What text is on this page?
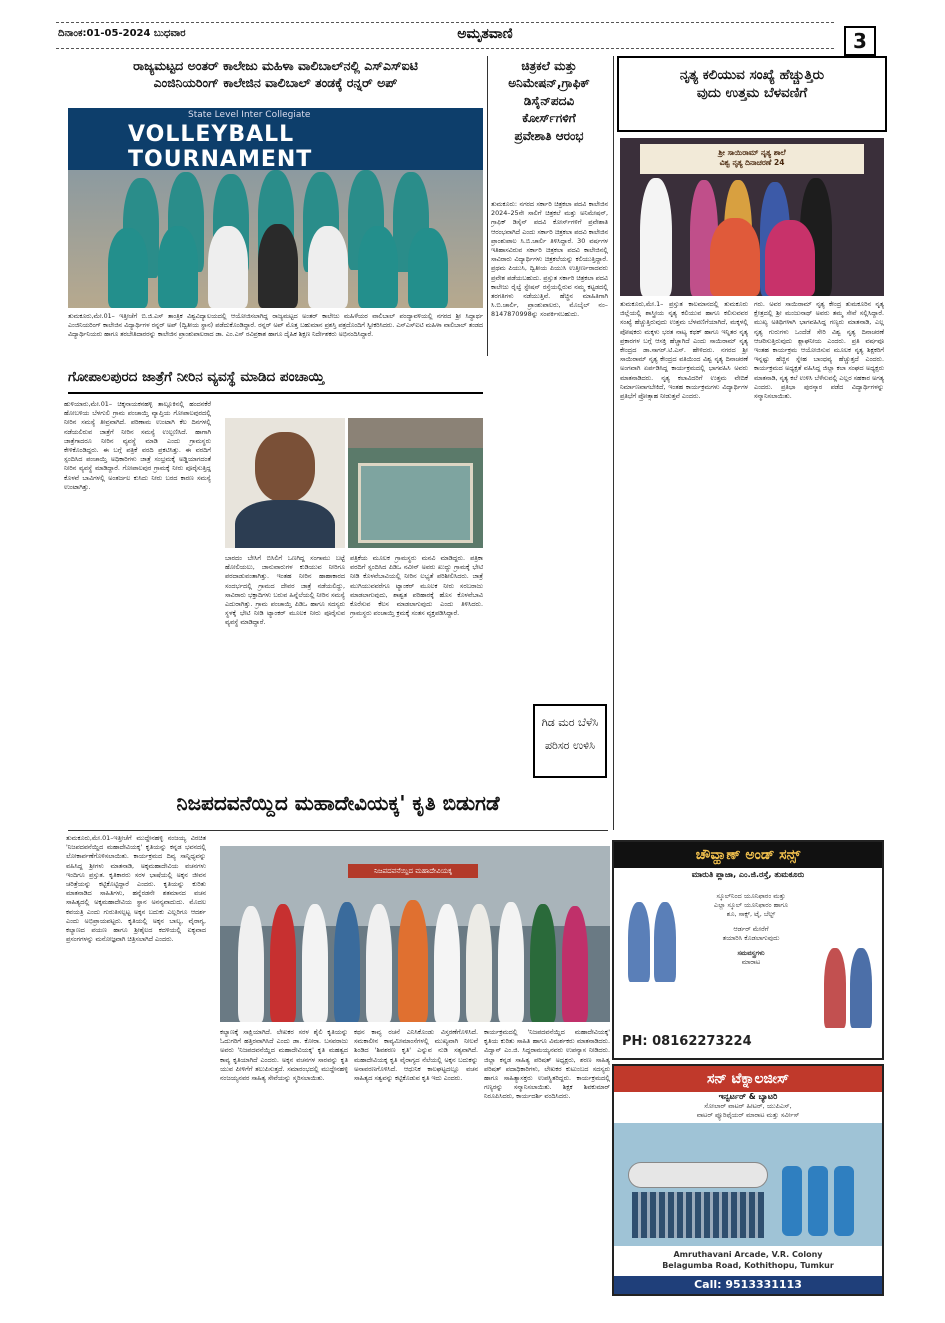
ದಿನಾಂಕ:01-05-2024 ಬುಧವಾರ	ಅಮೃತವಾಣಿ	3
ರಾಜ್ಯಮಟ್ಟದ ಅಂತರ್ ಕಾಲೇಜು ಮಹಿಳಾ ವಾಲಿಬಾಲ್‌ನಲ್ಲಿ ಎಸ್‌ಎಸ್‌ಐಟಿ
ಎಂಜಿನಿಯರಿಂಗ್ ಕಾಲೇಜಿನ ವಾಲಿಬಾಲ್ ತಂಡಕ್ಕೆ ರನ್ನರ್ ಅಪ್
State Level Inter Collegiate
VOLLEYBALL TOURNAMENT
ತುಮಕೂರು,ಮೇ.01– ಇತ್ತೀಚೆಗೆ ಬಿ.ಜಿ.ಎಸ್ ತಾಂತ್ರಿಕ ವಿಶ್ವವಿದ್ಯಾಲಯದಲ್ಲಿ ಆಯೋಜಿಸಲಾಗಿದ್ದ ರಾಜ್ಯಮಟ್ಟದ ಅಂತರ್ ಕಾಲೇಜು ಮಹಿಳೆಯರ ವಾಲಿಬಾಲ್ ಪಂದ್ಯಾವಳಿಯಲ್ಲಿ ನಗರದ ಶ್ರೀ ಸಿದ್ಧಾರ್ಥ ಎಂಜಿನಿಯರಿಂಗ್ ಕಾಲೇಜಿನ ವಿದ್ಯಾರ್ಥಿಗಳ ರನ್ನರ್ ಅಪ್ (ದ್ವಿತೀಯ ಸ್ಥಾನ) ಪಡೆದುಕೊಂಡಿದ್ದಾರೆ. ರನ್ನರ್ ಅಪ್ ಮೊತ್ತ ಬಹುಮಾನ ಪ್ರಶಸ್ತಿ ಪತ್ರದೊಂದಿಗೆ ಸ್ವೀಕರಿಸಿದರು. ಎಸ್‌ಎಸ್‌ಐಟಿ ಮಹಿಳಾ ವಾಲಿಬಾಲ್ ತಂಡದ ವಿದ್ಯಾರ್ಥಿನಿಯರು ಹಾಗೂ ತರಬೇತಿದಾರರನ್ನು ಕಾಲೇಜಿನ ಪ್ರಾಂಶುಪಾಲರಾದ ಡಾ. ಎಂ.ಎಸ್ ರವಿಪ್ರಕಾಶ ಹಾಗೂ ದೈಹಿಕ ಶಿಕ್ಷಣ ನಿರ್ದೇಶಕರು ಅಭಿನಂದಿಸಿದ್ದಾರೆ.
ಚಿತ್ರಕಲೆ ಮತ್ತು
ಅನಿಮೇಷನ್,ಗ್ರಾಫಿಕ್
ಡಿಸೈನ್‌ಪದವಿ
ಕೋರ್ಸ್‌ಗಳಿಗೆ
ಪ್ರವೇಶಾತಿ ಆರಂಭ
ತುಮಕೂರು: ನಗರದ ಸರ್ಕಾರಿ ಚಿತ್ರಕಲಾ ಪದವಿ ಕಾಲೇಜಿನ 2024–25ನೇ ಸಾಲಿಗೆ ಚಿತ್ರಕಲೆ ಮತ್ತು ಅನಿಮೇಷನ್, ಗ್ರಾಫಿಕ್ ಡಿಸೈನ್ ಪದವಿ ಕೋರ್ಸ್‌ಗಳಿಗೆ ಪ್ರವೇಶಾತಿ ಆರಂಭವಾಗಿದೆ ಎಂದು ಸರ್ಕಾರಿ ಚಿತ್ರಕಲಾ ಪದವಿ ಕಾಲೇಜಿನ ಪ್ರಾಂಶುಪಾಲ ಸಿ.ಬಿ.ಚಾರ್ಲಿ ತಿಳಿಸಿದ್ದಾರೆ. 30 ವರ್ಷಗಳ ಇತಿಹಾಸವಿರುವ ಸರ್ಕಾರಿ ಚಿತ್ರಕಲಾ ಪದವಿ ಕಾಲೇಜಿನಲ್ಲಿ ಸಾವಿರಾರು ವಿದ್ಯಾರ್ಥಿಗಳು ಚಿತ್ರಕಲೆಯನ್ನು ಕಲಿಯುತ್ತಿದ್ದಾರೆ. ಪ್ರಥಮ ಪಿಯುಸಿ, ದ್ವಿತೀಯ ಪಿಯುಸಿ ಉತ್ತೀರ್ಣರಾದವರು ಪ್ರವೇಶ ಪಡೆಯಬಹುದು. ಪ್ರಸ್ತುತ ಸರ್ಕಾರಿ ಚಿತ್ರಕಲಾ ಪದವಿ ಕಾಲೇಜು ರೈಲ್ವೆ ಸ್ಟೇಷನ್ ರಸ್ತೆಯಲ್ಲಿರುವ ನಮ್ಮ ಕಟ್ಟಡದಲ್ಲಿ ತರಗತಿಗಳು ನಡೆಯುತ್ತಿವೆ. ಹೆಚ್ಚಿನ ಮಾಹಿತಿಗಾಗಿ ಸಿ.ಬಿ.ಚಾರ್ಲಿ, ಪ್ರಾಂಶುಪಾಲರು, ಮೊಬೈಲ್ ನಂ–8147870998ನ್ನು ಸಂಪರ್ಕಿಸಬಹುದು.
ನೃತ್ಯ ಕಲಿಯುವ ಸಂಖ್ಯೆ ಹೆಚ್ಚುತ್ತಿರು
ವುದು ಉತ್ತಮ ಬೆಳವಣಿಗೆ
ಶ್ರೀ ಸಾಯಿರಾಮ್ ನೃತ್ಯ ಶಾಲೆ
ವಿಶ್ವ ನೃತ್ಯ ದಿನಾಚರಣೆ 24
ತುಮಕೂರು,ಮೇ.1– ಪ್ರಸ್ತುತ ಕಾಲಮಾನದಲ್ಲಿ ತುಮಕೂರು ಜಿಲ್ಲೆಯಲ್ಲಿ ಶಾಸ್ತ್ರೀಯ ನೃತ್ಯ ಕಲಿಯುವ ಹಾಗೂ ಕಲಿಸುವವರ ಸಂಖ್ಯೆ ಹೆಚ್ಚುತ್ತಿರುವುದು ಉತ್ತಮ ಬೆಳವಣಿಗೆಯಾಗಿದೆ, ಮಕ್ಕಳಲ್ಲಿ ಪೋಷಕರು ಮಕ್ಕಳು ಭರತ ನಾಟ್ಯ ಕಥಕ್ ಹಾಗೂ ಇನ್ನಿತರ ನೃತ್ಯ ಪ್ರಕಾರಗಳ ಬಗ್ಗೆ ಆಸಕ್ತಿ ಹೆಚ್ಚಾಗಿದೆ ಎಂದು ಸಾಯಿರಾಮ್ ನೃತ್ಯ ಕೇಂದ್ರದ ಡಾ.ಸಾಗರ್.ಟಿ.ಎಸ್. ಹೇಳಿದರು. ನಗರದ ಶ್ರೀ ಸಾಯಿರಾಮ್ ನೃತ್ಯ ಕೇಂದ್ರದ ವತಿಯಿಂದ ವಿಶ್ವ ನೃತ್ಯ ದಿನಾಚರಣೆ ಅಂಗವಾಗಿ ಏರ್ಪಡಿಸಿದ್ದ ಕಾರ್ಯಕ್ರಮದಲ್ಲಿ ಭಾಗವಹಿಸಿ ಅವರು ಮಾತನಾಡಿದರು. ನೃತ್ಯ ಕಲಾವಿದರಿಗೆ ಉತ್ತಮ ವೇದಿಕೆ ನಿರ್ಮಾಣವಾಗಬೇಕಿದೆ, ಇಂತಹ ಕಾರ್ಯಕ್ರಮಗಳು ವಿದ್ಯಾರ್ಥಿಗಳ ಪ್ರತಿಭೆಗೆ ಪ್ರೋತ್ಸಾಹ ನೀಡುತ್ತವೆ ಎಂದರು.
ಗರು. ಅವರ ಸಾಯಿರಾಮ್ ನೃತ್ಯ ಕೇಂದ್ರ ತುಮಕೂರಿನ ನೃತ್ಯ ಕ್ಷೇತ್ರದಲ್ಲಿ ಶ್ರೀ ಮಂಜುನಾಥ್ ಅವರು ತಮ್ಮ ಸೇವೆ ಸಲ್ಲಿಸಿದ್ದಾರೆ. ಮುಖ್ಯ ಅತಿಥಿಗಳಾಗಿ ಭಾಗವಹಿಸಿದ್ದ ಗಣ್ಯರು ಮಾತನಾಡಿ, ಎಲ್ಲ ನೃತ್ಯ ಗುರುಗಳು ಒಂದೆಡೆ ಸೇರಿ ವಿಶ್ವ ನೃತ್ಯ ದಿನಾಚರಣೆ ಆಚರಿಸುತ್ತಿರುವುದು ಶ್ಲಾಘನೀಯ ಎಂದರು. ಪ್ರತಿ ವರ್ಷವೂ ಇಂತಹ ಕಾರ್ಯಕ್ರಮ ಆಯೋಜಿಸುವ ಮೂಲಕ ನೃತ್ಯ ಶಿಕ್ಷಕರಿಗೆ ಇನ್ನಷ್ಟು ಹೆಚ್ಚಿನ ಸ್ನೇಹ ಬಾಂಧವ್ಯ ಹೆಚ್ಚುತ್ತದೆ ಎಂದರು. ಕಾರ್ಯಕ್ರಮದ ಅಧ್ಯಕ್ಷತೆ ವಹಿಸಿದ್ದ ಜಿಲ್ಲಾ ಕಲಾ ಸಂಘದ ಅಧ್ಯಕ್ಷರು ಮಾತನಾಡಿ, ನೃತ್ಯ ಕಲೆ ಉಳಿಸಿ ಬೆಳೆಸುವಲ್ಲಿ ಎಲ್ಲರ ಸಹಕಾರ ಅಗತ್ಯ ಎಂದರು. ಪ್ರತಿಭಾ ಪುರಸ್ಕಾರ ಪಡೆದ ವಿದ್ಯಾರ್ಥಿಗಳನ್ನು ಸನ್ಮಾನಿಸಲಾಯಿತು.
ಗೋಪಾಲಪುರದ ಜಾತ್ರೆಗೆ ನೀರಿನ ವ್ಯವಸ್ಥೆ ಮಾಡಿದ ಪಂಚಾಯ್ತಿ
ಹುಳಿಯಾರು,ಮೇ.01– ಚಿಕ್ಕನಾಯಕನಹಳ್ಳಿ ತಾಲ್ಲೂಕಿನಲ್ಲಿ ಹಂದನಕೆರೆ ಹೋಬಳಿಯ ಬೆಳಗುಲಿ ಗ್ರಾಮ ಪಂಚಾಯ್ತಿ ವ್ಯಾಪ್ತಿಯ ಗೋಪಾಲಪುರದಲ್ಲಿ ನೀರಿನ ಸಮಸ್ಯೆ ತೀವ್ರವಾಗಿದೆ. ಪರಿಣಾಮ ಉಂಟಾಗಿ ಕೆಲ ದಿನಗಳಲ್ಲಿ ನಡೆಯಲಿರುವ ಜಾತ್ರೆಗೆ ನೀರಿನ ಸಮಸ್ಯೆ ಉಲ್ಬಣಿಸಿದೆ. ಹಾಗಾಗಿ ಜಾತ್ರೆಗಾದರೂ ನೀರಿನ ವ್ಯವಸ್ಥೆ ಮಾಡಿ ಎಂದು ಗ್ರಾಮಸ್ಥರು ಕೇಳಿಕೊಂಡಿದ್ದರು. ಈ ಬಗ್ಗೆ ಪತ್ರಿಕೆ ವರದಿ ಪ್ರಕಟಿಸಿತ್ತು. ಈ ವರದಿಗೆ ಸ್ಪಂದಿಸಿದ ಪಂಚಾಯ್ತಿ ಅಧಿಕಾರಿಗಳು ಜಾತ್ರೆ ಸಂಭ್ರಮಕ್ಕೆ ಅಡ್ಡಿಯಾಗದಂತೆ ನೀರಿನ ವ್ಯವಸ್ಥೆ ಮಾಡಿದ್ದಾರೆ. ಗೋಪಾಲಪುರ ಗ್ರಾಮಕ್ಕೆ ನೀರು ಪೂರೈಸುತ್ತಿದ್ದ ಕೊಳವೆ ಬಾವಿಗಳಲ್ಲಿ ಅಂತರ್ಜಲ ಕುಸಿದು ನೀರು ಬರದ ಕಾರಣ ಸಮಸ್ಯೆ ಉಂಟಾಗಿತ್ತು.
ಬಾರದಂ ಬೇಸಿಗೆ ಬಿಸಿಲಿಗೆ ಒಣಗಿದ್ದ ಸಂಗಾಮು ಬಟ್ಟೆ ಹೋಲಿಯಲು, ಜಾನುವಾರುಗಳ ಕುಡಿಯುವ ನೀರಿಗೂ ಪರದಾಡುವಂತಾಗಿತ್ತು. ಇಂತಹ ನೀರಿನ ಹಾಹಾಕಾರದ ಸಂದರ್ಭದಲ್ಲಿ ಗ್ರಾಮದ ದೇವರ ಜಾತ್ರೆ ನಡೆಯಲಿದ್ದು, ಸಾವಿರಾರು ಭಕ್ತಾದಿಗಳು ಬರುವ ಹಿನ್ನೆಲೆಯಲ್ಲಿ ನೀರಿನ ಸಮಸ್ಯೆ ಎದುರಾಗಿತ್ತು. ಗ್ರಾಮ ಪಂಚಾಯ್ತಿ ಪಿಡಿಒ ಹಾಗೂ ಸದಸ್ಯರು ಸ್ಥಳಕ್ಕೆ ಭೇಟಿ ನೀಡಿ ಟ್ಯಾಂಕರ್ ಮೂಲಕ ನೀರು ಪೂರೈಸುವ ವ್ಯವಸ್ಥೆ ಮಾಡಿದ್ದಾರೆ.
ಪತ್ರಿಕೆಯ ಮೂಲಕ ಗ್ರಾಮಸ್ಥರು ಮನವಿ ಮಾಡಿದ್ದರು. ಪತ್ರಿಕಾ ವರದಿಗೆ ಸ್ಪಂದಿಸಿದ ಪಿಡಿಒ ನವೀನ್ ಅವರು ಖುದ್ದು ಗ್ರಾಮಕ್ಕೆ ಭೇಟಿ ನೀಡಿ ಕೊಳವೆಬಾವಿಯಲ್ಲಿ ನೀರಿನ ಲಭ್ಯತೆ ಪರಿಶೀಲಿಸಿದರು. ಜಾತ್ರೆ ಮುಗಿಯುವವರೆಗೂ ಟ್ಯಾಂಕರ್ ಮೂಲಕ ನೀರು ಸರಬರಾಜು ಮಾಡಲಾಗುವುದು, ಶಾಶ್ವತ ಪರಿಹಾರಕ್ಕೆ ಹೊಸ ಕೊಳವೆಬಾವಿ ಕೊರೆಸುವ ಕೆಲಸ ಮಾಡಲಾಗುವುದು ಎಂದು ತಿಳಿಸಿದರು. ಗ್ರಾಮಸ್ಥರು ಪಂಚಾಯ್ತಿ ಕ್ರಮಕ್ಕೆ ಸಂತಸ ವ್ಯಕ್ತಪಡಿಸಿದ್ದಾರೆ.
ಗಿಡ ಮರ ಬೆಳೆಸಿ
ಪರಿಸರ ಉಳಿಸಿ
ನಿಜಪದವನೆಯ್ದಿದ ಮಹಾದೇವಿಯಕ್ಕ' ಕೃತಿ ಬಿಡುಗಡೆ
ತುಮಕೂರು,ಮೇ.01–ಇತ್ತೀಚೆಗೆ ಮುದ್ದೇನಹಳ್ಳಿ ನಂಜಯ್ಯ ವಿರಚಿತ 'ನಿಜಪದವನೆಯ್ದಿದ ಮಹಾದೇವಿಯಕ್ಕ' ಕೃತಿಯನ್ನು ಕನ್ನಡ ಭವನದಲ್ಲಿ ಲೋಕಾರ್ಪಣೆಗೊಳಿಸಲಾಯಿತು. ಕಾರ್ಯಕ್ರಮದ ದಿವ್ಯ ಸಾನ್ನಿಧ್ಯವನ್ನು ವಹಿಸಿದ್ದ ಶ್ರೀಗಳು ಮಾತನಾಡಿ, ಅಕ್ಕಮಹಾದೇವಿಯ ವಚನಗಳು ಇಂದಿಗೂ ಪ್ರಸ್ತುತ. ಕೃತಿಕಾರರು ಸರಳ ಭಾಷೆಯಲ್ಲಿ ಅಕ್ಕನ ಜೀವನ ಚರಿತ್ರೆಯನ್ನು ಕಟ್ಟಿಕೊಟ್ಟಿದ್ದಾರೆ ಎಂದರು. ಕೃತಿಯನ್ನು ಕುರಿತು ಮಾತನಾಡಿದ ಸಾಹಿತಿಗಳು, ಹನ್ನೆರಡನೇ ಶತಮಾನದ ವಚನ ಸಾಹಿತ್ಯದಲ್ಲಿ ಅಕ್ಕಮಹಾದೇವಿಯ ಸ್ಥಾನ ಅನನ್ಯವಾದುದು. ಮೊದಲ ಕವಯತ್ರಿ ಎಂದು ಗುರುತಿಸಲ್ಪಟ್ಟ ಅಕ್ಕನ ಬದುಕು ಎಲ್ಲರಿಗೂ ಆದರ್ಶ ಎಂದು ಅಭಿಪ್ರಾಯಪಟ್ಟರು. ಕೃತಿಯಲ್ಲಿ ಅಕ್ಕನ ಬಾಲ್ಯ, ವೈರಾಗ್ಯ, ಕಲ್ಯಾಣದ ಪಯಣ ಹಾಗೂ ಶ್ರೀಶೈಲದ ಕದಳಿಯಲ್ಲಿ ಐಕ್ಯವಾದ ಪ್ರಸಂಗಗಳನ್ನು ಮನೋಜ್ಞವಾಗಿ ಚಿತ್ರಿಸಲಾಗಿದೆ ಎಂದರು.
ನಿಜಪದವನೆಯ್ದಿದ ಮಹಾದೇವಿಯಕ್ಕ
ಕಲ್ಯಾಣಕ್ಕೆ ಸಾಕ್ಷಿಯಾಗಿದೆ. ಲೇಖಕರ ಸರಳ ಶೈಲಿ ಕೃತಿಯನ್ನು ಓದುಗರಿಗೆ ಹತ್ತಿರವಾಗಿಸಿದೆ ಎಂದು ಡಾ. ಕೋರಾ. ಬಸವರಾಜು ಅವರು 'ನಿಜಪದವನೆಯ್ದಿದ ಮಹಾದೇವಿಯಕ್ಕ' ಕೃತಿ ಮಹತ್ವದ ಕಾವ್ಯ ಕೃತಿಯಾಗಿದೆ ಎಂದರು. ಅಕ್ಕನ ವಚನಗಳ ಸಾರವನ್ನು ಕೃತಿ ಯುವ ಪೀಳಿಗೆಗೆ ತಲುಪಿಸುತ್ತದೆ. ಸಮಾರಂಭದಲ್ಲಿ ಮುದ್ದೇನಹಳ್ಳಿ ನಂಜಯ್ಯನವರ ಸಾಹಿತ್ಯ ಸೇವೆಯನ್ನು ಸ್ಮರಿಸಲಾಯಿತು.
ಕಥನ ಕಾವ್ಯ ರಚನೆ ಎನಿಸಿಕೊಂಡು ವಿಸ್ತರಣೆಗೊಳಿಸಿದೆ. ಸಮಕಾಲೀನ ಕಾವ್ಯಮೀಮಾಂಸೆಗಳಲ್ಲಿ ಮುಖ್ಯವಾಗಿ ನೀಲವೆ ಶಿಂಡಿದ 'ಶಿವಶರಣ ಕೃತಿ' ಎನ್ನುವ ನುಡಿ ಸತ್ಯವಾಗಿದೆ. ಮಹಾದೇವಿಯಕ್ಕ ಕೃತಿ ವೈರಾಗ್ಯದ ನೆಲೆಯಲ್ಲಿ ಅಕ್ಕನ ಬದುಕನ್ನು ಅನಾವರಣಗೊಳಿಸಿದೆ. ಆಧುನಿಕ ಕಾಲಘಟ್ಟದಲ್ಲೂ ವಚನ ಸಾಹಿತ್ಯದ ಸತ್ವವನ್ನು ಕಟ್ಟಿಕೊಡುವ ಕೃತಿ ಇದು ಎಂದರು.
ಕಾರ್ಯಕ್ರಮದಲ್ಲಿ 'ನಿಜಪದವನೆಯ್ದಿದ ಮಹಾದೇವಿಯಕ್ಕ' ಕೃತಿಯ ಕುರಿತು ಸಾಹಿತಿ ಹಾಗೂ ವಿಮರ್ಶಕರು ಮಾತನಾಡಿದರು. ವಿದ್ವಾನ್ ಎಂ.ಜಿ. ಸಿದ್ದರಾಮಯ್ಯನವರು ಉಪನ್ಯಾಸ ನೀಡಿದರು. ಜಿಲ್ಲಾ ಕನ್ನಡ ಸಾಹಿತ್ಯ ಪರಿಷತ್ ಅಧ್ಯಕ್ಷರು, ಶರಣ ಸಾಹಿತ್ಯ ಪರಿಷತ್ ಪದಾಧಿಕಾರಿಗಳು, ಲೇಖಕರ ಕುಟುಂಬದ ಸದಸ್ಯರು ಹಾಗೂ ಸಾಹಿತ್ಯಾಸಕ್ತರು ಉಪಸ್ಥಿತರಿದ್ದರು. ಕಾರ್ಯಕ್ರಮದಲ್ಲಿ ಗಣ್ಯರನ್ನು ಸನ್ಮಾನಿಸಲಾಯಿತು. ಶಿಕ್ಷಕ ಶಿವಕುಮಾರ್ ನಿರೂಪಿಸಿದರು, ಕಾರ್ಯದರ್ಶಿ ವಂದಿಸಿದರು.
ಚೌವ್ಹಾಣ್ ಅಂಡ್ ಸನ್ಸ್
ಮಾರುತಿ ಪ್ಲಾಜಾ, ಎಂ.ಜಿ.ರಸ್ತೆ, ತುಮಕೂರು
ಸ್ಕೂಲ್‌ನಿಂದ ಯೂನಿಫಾರಂ ಮತ್ತು
ಎಲ್ಲಾ ಸ್ಕೂಲ್ ಯೂನಿಫಾರಂ ಹಾಗೂ
ಶೂ, ಸಾಕ್ಸ್, ಟೈ, ಬೆಲ್ಟ್
ಆರ್ಡರ್ ಮೇರೆಗೆ
ತಯಾರಿಸಿ ಕೊಡಲಾಗುವುದು
ಸಮವಸ್ತ್ರಗಳು
ಮಾರಾಟ
PH: 08162273224
ಸನ್ ಟೆಕ್ನಾಲಜೀಸ್
ಇನ್ವರ್ಟರ್ & ಬ್ಯಾಟರಿ
ಸೋಲಾರ್ ವಾಟರ್ ಹೀಟರ್, ಯುಪಿಎಸ್,
ವಾಟರ್ ಪ್ಯೂರಿಫೈಯರ್ ಮಾರಾಟ ಮತ್ತು ಸರ್ವೀಸ್
Amruthavani Arcade, V.R. Colony
Belagumba Road, Kothithopu, Tumkur
Call: 9513331113
